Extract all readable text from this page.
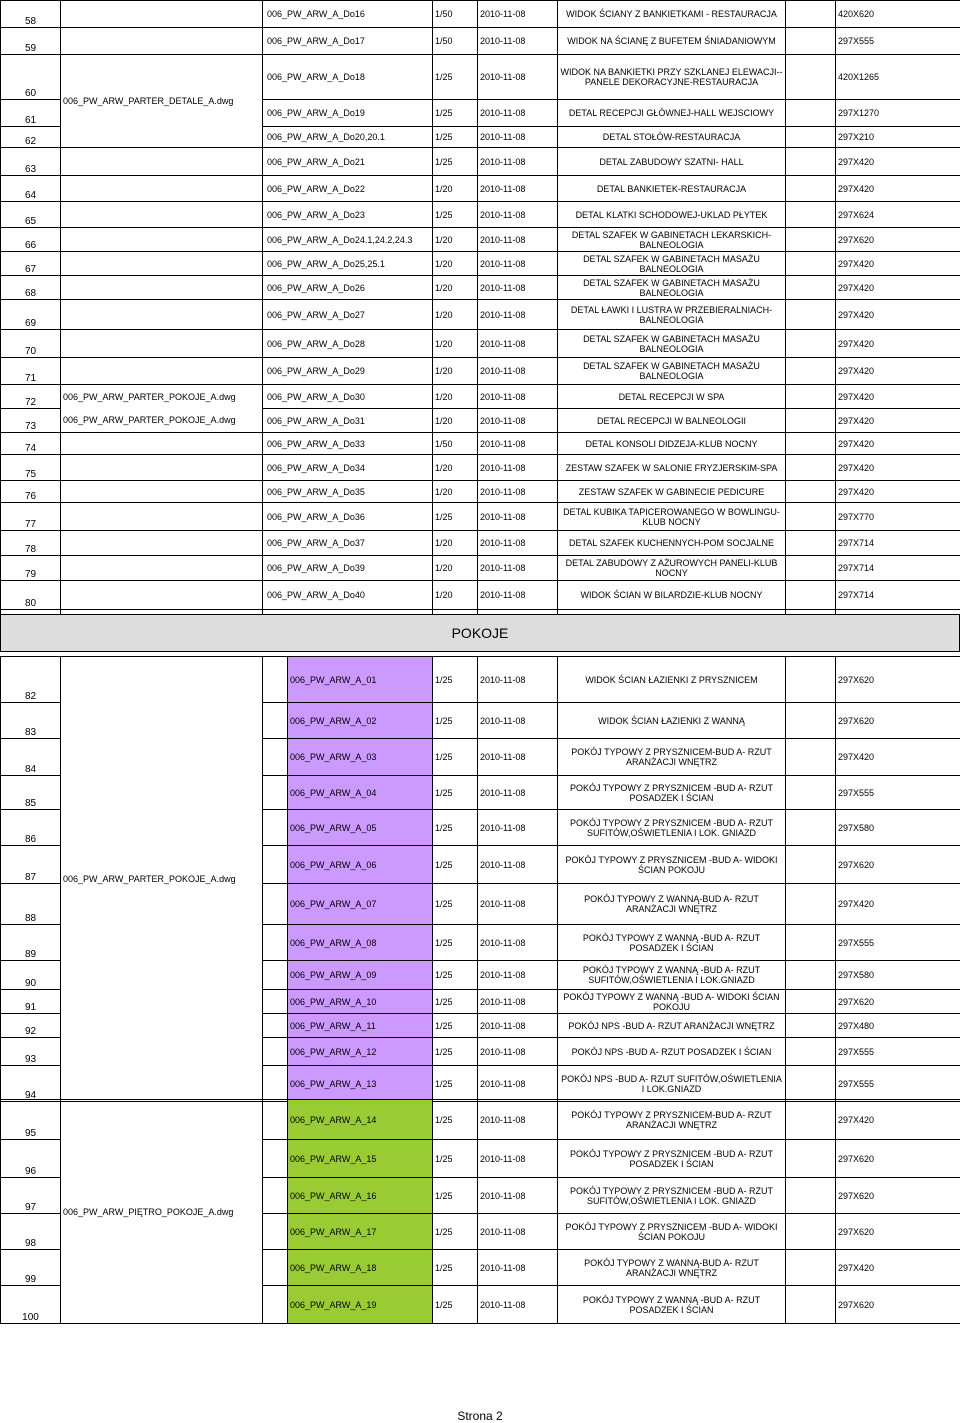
58		006_PW_ARW_A_Do16	1/50	2010-11-08	WIDOK ŚCIANY Z BANKIETKAMI - RESTAURACJA		420X620
59		006_PW_ARW_A_Do17	1/50	2010-11-08	WIDOK NA ŚCIANĘ Z BUFETEM ŚNIADANIOWYM		297X555
60	006_PW_ARW_PARTER_DETALE_A.dwg	006_PW_ARW_A_Do18	1/25	2010-11-08	WIDOK NA BANKIETKI PRZY SZKLANEJ ELEWACJI--PANELE DEKORACYJNE-RESTAURACJA		420X1265
61		006_PW_ARW_A_Do19	1/25	2010-11-08	DETAL RECEPCJI GŁÓWNEJ-HALL WEJSCIOWY		297X1270
62		006_PW_ARW_A_Do20,20.1	1/25	2010-11-08	DETAL STOŁÓW-RESTAURACJA		297X210
63		006_PW_ARW_A_Do21	1/25	2010-11-08	DETAL ZABUDOWY SZATNI- HALL		297X420
64		006_PW_ARW_A_Do22	1/20	2010-11-08	DETAL BANKIETEK-RESTAURACJA		297X420
65		006_PW_ARW_A_Do23	1/25	2010-11-08	DETAL KLATKI SCHODOWEJ-UKLAD PŁYTEK		297X624
66		006_PW_ARW_A_Do24.1,24.2,24.3	1/20	2010-11-08	DETAL SZAFEK W GABINETACH LEKARSKICH-BALNEOLOGIA		297X620
67		006_PW_ARW_A_Do25,25.1	1/20	2010-11-08	DETAL SZAFEK W GABINETACH MASAŻU BALNEOLOGIA		297X420
68		006_PW_ARW_A_Do26	1/20	2010-11-08	DETAL SZAFEK W GABINETACH MASAŻU BALNEOLOGIA		297X420
69		006_PW_ARW_A_Do27	1/20	2010-11-08	DETAL ŁAWKI I LUSTRA W PRZEBIERALNIACH-BALNEOLOGIA		297X420
70		006_PW_ARW_A_Do28	1/20	2010-11-08	DETAL SZAFEK W GABINETACH MASAŻU BALNEOLOGIA		297X420
71		006_PW_ARW_A_Do29	1/20	2010-11-08	DETAL SZAFEK W GABINETACH MASAŻU BALNEOLOGIA		297X420
72	006_PW_ARW_PARTER_POKOJE_A.dwg	006_PW_ARW_A_Do30	1/20	2010-11-08	DETAL RECEPCJI W SPA		297X420
73	006_PW_ARW_PARTER_POKOJE_A.dwg	006_PW_ARW_A_Do31	1/20	2010-11-08	DETAL RECEPCJI W BALNEOLOGII		297X420
74		006_PW_ARW_A_Do33	1/50	2010-11-08	DETAL KONSOLI DIDZEJA-KLUB NOCNY		297X420
75		006_PW_ARW_A_Do34	1/20	2010-11-08	ZESTAW SZAFEK W SALONIE FRYZJERSKIM-SPA		297X420
76		006_PW_ARW_A_Do35	1/20	2010-11-08	ZESTAW SZAFEK W GABINECIE PEDICURE		297X420
77		006_PW_ARW_A_Do36	1/25	2010-11-08	DETAL KUBIKA TAPICEROWANEGO W BOWLINGU-KLUB NOCNY		297X770
78		006_PW_ARW_A_Do37	1/20	2010-11-08	DETAL SZAFEK KUCHENNYCH-POM SOCJALNE		297X714
79		006_PW_ARW_A_Do39	1/20	2010-11-08	DETAL ZABUDOWY Z AŻUROWYCH PANELI-KLUB NOCNY		297X714
80		006_PW_ARW_A_Do40	1/20	2010-11-08	WIDOK ŚCIAN W BILARDZIE-KLUB NOCNY		297X714

POKOJE
82	006_PW_ARW_PARTER_POKOJE_A.dwg		006_PW_ARW_A_01	1/25	2010-11-08	WIDOK ŚCIAN ŁAZIENKI Z PRYSZNICEM		297X620
83			006_PW_ARW_A_02	1/25	2010-11-08	WIDOK ŚCIAN ŁAZIENKI Z WANNĄ		297X620
84			006_PW_ARW_A_03	1/25	2010-11-08	POKÓJ TYPOWY Z PRYSZNICEM-BUD A- RZUT ARANŻACJI WNĘTRZ		297X420
85			006_PW_ARW_A_04	1/25	2010-11-08	POKÓJ TYPOWY Z PRYSZNICEM -BUD A- RZUT POSADZEK I ŚCIAN		297X555
86			006_PW_ARW_A_05	1/25	2010-11-08	POKÓJ TYPOWY Z PRYSZNICEM -BUD A- RZUT SUFITÓW,OŚWIETLENIA I LOK. GNIAZD		297X580
87			006_PW_ARW_A_06	1/25	2010-11-08	POKÓJ TYPOWY Z PRYSZNICEM -BUD A- WIDOKI ŚCIAN POKOJU		297X620
88			006_PW_ARW_A_07	1/25	2010-11-08	POKÓJ TYPOWY Z WANNĄ-BUD A- RZUT ARANŻACJI WNĘTRZ		297X420
89			006_PW_ARW_A_08	1/25	2010-11-08	POKÓJ TYPOWY Z WANNĄ -BUD A- RZUT POSADZEK I ŚCIAN		297X555
90			006_PW_ARW_A_09	1/25	2010-11-08	POKÓJ TYPOWY Z WANNĄ -BUD A- RZUT SUFITÓW,OŚWIETLENIA I LOK.GNIAZD		297X580
91			006_PW_ARW_A_10	1/25	2010-11-08	POKÓJ TYPOWY Z WANNĄ -BUD A- WIDOKI ŚCIAN POKOJU		297X620
92			006_PW_ARW_A_11	1/25	2010-11-08	POKÓJ NPS -BUD A- RZUT ARANŻACJI WNĘTRZ		297X480
93			006_PW_ARW_A_12	1/25	2010-11-08	POKÓJ NPS -BUD A- RZUT POSADZEK I ŚCIAN		297X555
94			006_PW_ARW_A_13	1/25	2010-11-08	POKÓJ NPS -BUD A- RZUT SUFITÓW,OŚWIETLENIA I LOK.GNIAZD		297X555
95	006_PW_ARW_PIĘTRO_POKOJE_A.dwg		006_PW_ARW_A_14	1/25	2010-11-08	POKÓJ TYPOWY Z PRYSZNICEM-BUD A- RZUT ARANŻACJI WNĘTRZ		297X420
96			006_PW_ARW_A_15	1/25	2010-11-08	POKÓJ TYPOWY Z PRYSZNICEM -BUD A- RZUT POSADZEK I ŚCIAN		297X620
97			006_PW_ARW_A_16	1/25	2010-11-08	POKÓJ TYPOWY Z PRYSZNICEM -BUD A- RZUT SUFITÓW,OŚWIETLENIA I LOK. GNIAZD		297X620
98			006_PW_ARW_A_17	1/25	2010-11-08	POKÓJ TYPOWY Z PRYSZNICEM -BUD A- WIDOKI ŚCIAN POKOJU		297X620
99			006_PW_ARW_A_18	1/25	2010-11-08	POKÓJ TYPOWY Z WANNĄ-BUD A- RZUT ARANŻACJI WNĘTRZ		297X420
100			006_PW_ARW_A_19	1/25	2010-11-08	POKÓJ TYPOWY Z WANNĄ -BUD A- RZUT POSADZEK I ŚCIAN		297X620
Strona 2
